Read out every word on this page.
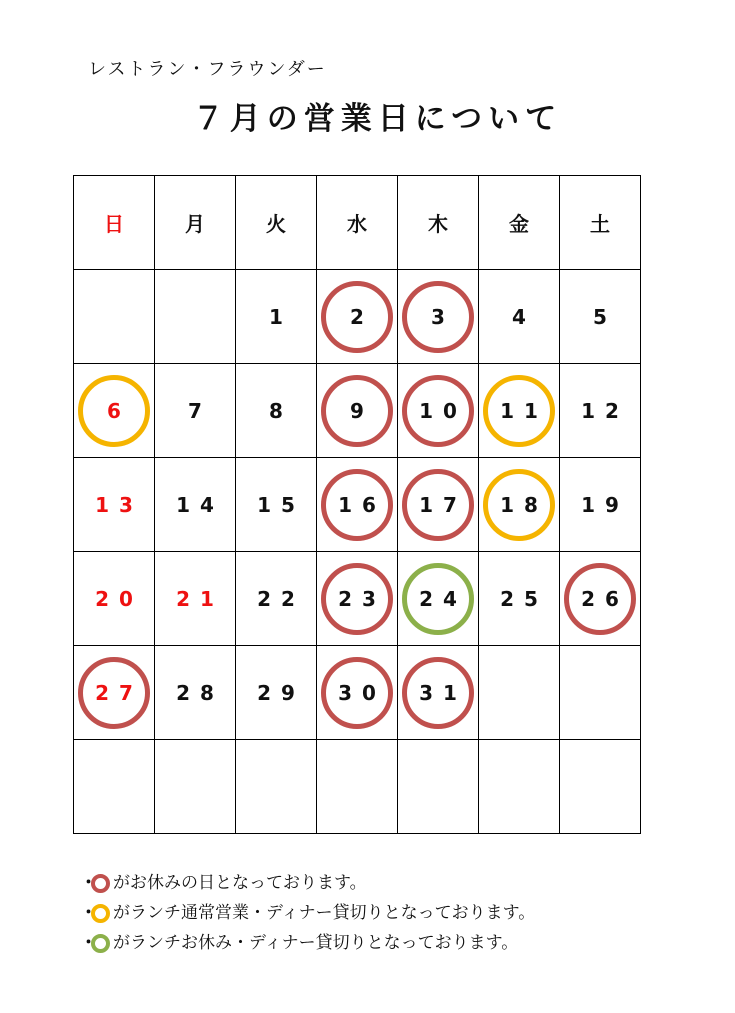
レストラン・フラウンダー
７月の営業日について
日	月	火	水	木	金	土

		1	2	3	4	5

6	7	8	9	10	11	12

13	14	15	16	17	18	19

20	21	22	23	24	25	26

27	28	29	30	31		

・ がお休みの日となっております。
・ がランチ通常営業・ディナー貸切りとなっております。
・ がランチお休み・ディナー貸切りとなっております。
